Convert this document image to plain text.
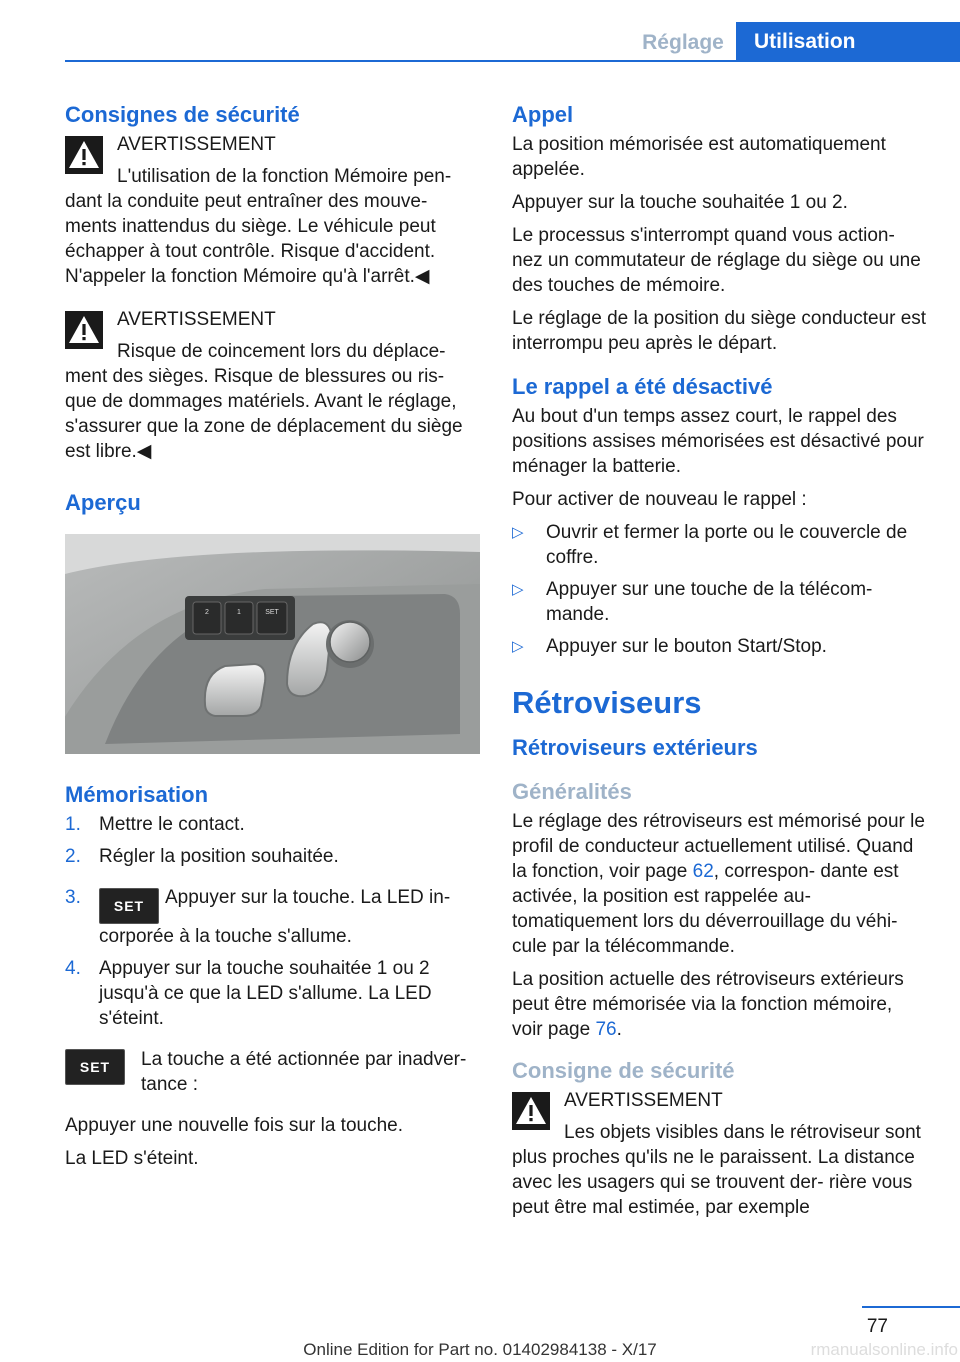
Réglage	Utilisation
Consignes de sécurité
AVERTISSEMENT
L'utilisation de la fonction Mémoire pen‐ dant la conduite peut entraîner des mouve‐ ments inattendus du siège. Le véhicule peut échapper à tout contrôle. Risque d'accident. N'appeler la fonction Mémoire qu'à l'arrêt.◀
AVERTISSEMENT
Risque de coincement lors du déplace‐ ment des sièges. Risque de blessures ou ris‐ que de dommages matériels. Avant le réglage, s'assurer que la zone de déplacement du siège est libre.◀
Aperçu
2	1	SET
Mémorisation
1. Mettre le contact.
2. Régler la position souhaitée.
3. SET Appuyer sur la touche. La LED in‐ corporée à la touche s'allume.
4. Appuyer sur la touche souhaitée 1 ou 2 jusqu'à ce que la LED s'allume. La LED s'éteint.
SET	La touche a été actionnée par inadver‐ tance :

Appuyer une nouvelle fois sur la touche.

La LED s'éteint.

Appel

La position mémorisée est automatiquement appelée.

Appuyer sur la touche souhaitée 1 ou 2.

Le processus s'interrompt quand vous action‐ nez un commutateur de réglage du siège ou une des touches de mémoire.

Le réglage de la position du siège conducteur est interrompu peu après le départ.

Le rappel a été désactivé

Au bout d'un temps assez court, le rappel des positions assises mémorisées est désactivé pour ménager la batterie.

Pour activer de nouveau le rappel :

▷ Ouvrir et fermer la porte ou le couvercle de coffre.
▷ Appuyer sur une touche de la télécom‐ mande.
▷ Appuyer sur le bouton Start/Stop.
Rétroviseurs
Rétroviseurs extérieurs
Généralités

Le réglage des rétroviseurs est mémorisé pour le profil de conducteur actuellement utilisé. Quand la fonction, voir page 62, correspon‐ dante est activée, la position est rappelée au‐ tomatiquement lors du déverrouillage du véhi‐ cule par la télécommande.

La position actuelle des rétroviseurs extérieurs peut être mémorisée via la fonction mémoire, voir page 76.

Consigne de sécurité
AVERTISSEMENT
Les objets visibles dans le rétroviseur sont plus proches qu'ils ne le paraissent. La distance avec les usagers qui se trouvent der‐ rière vous peut être mal estimée, par exemple
77
Online Edition for Part no. 01402984138 - X/17	rmanualsonline.info
